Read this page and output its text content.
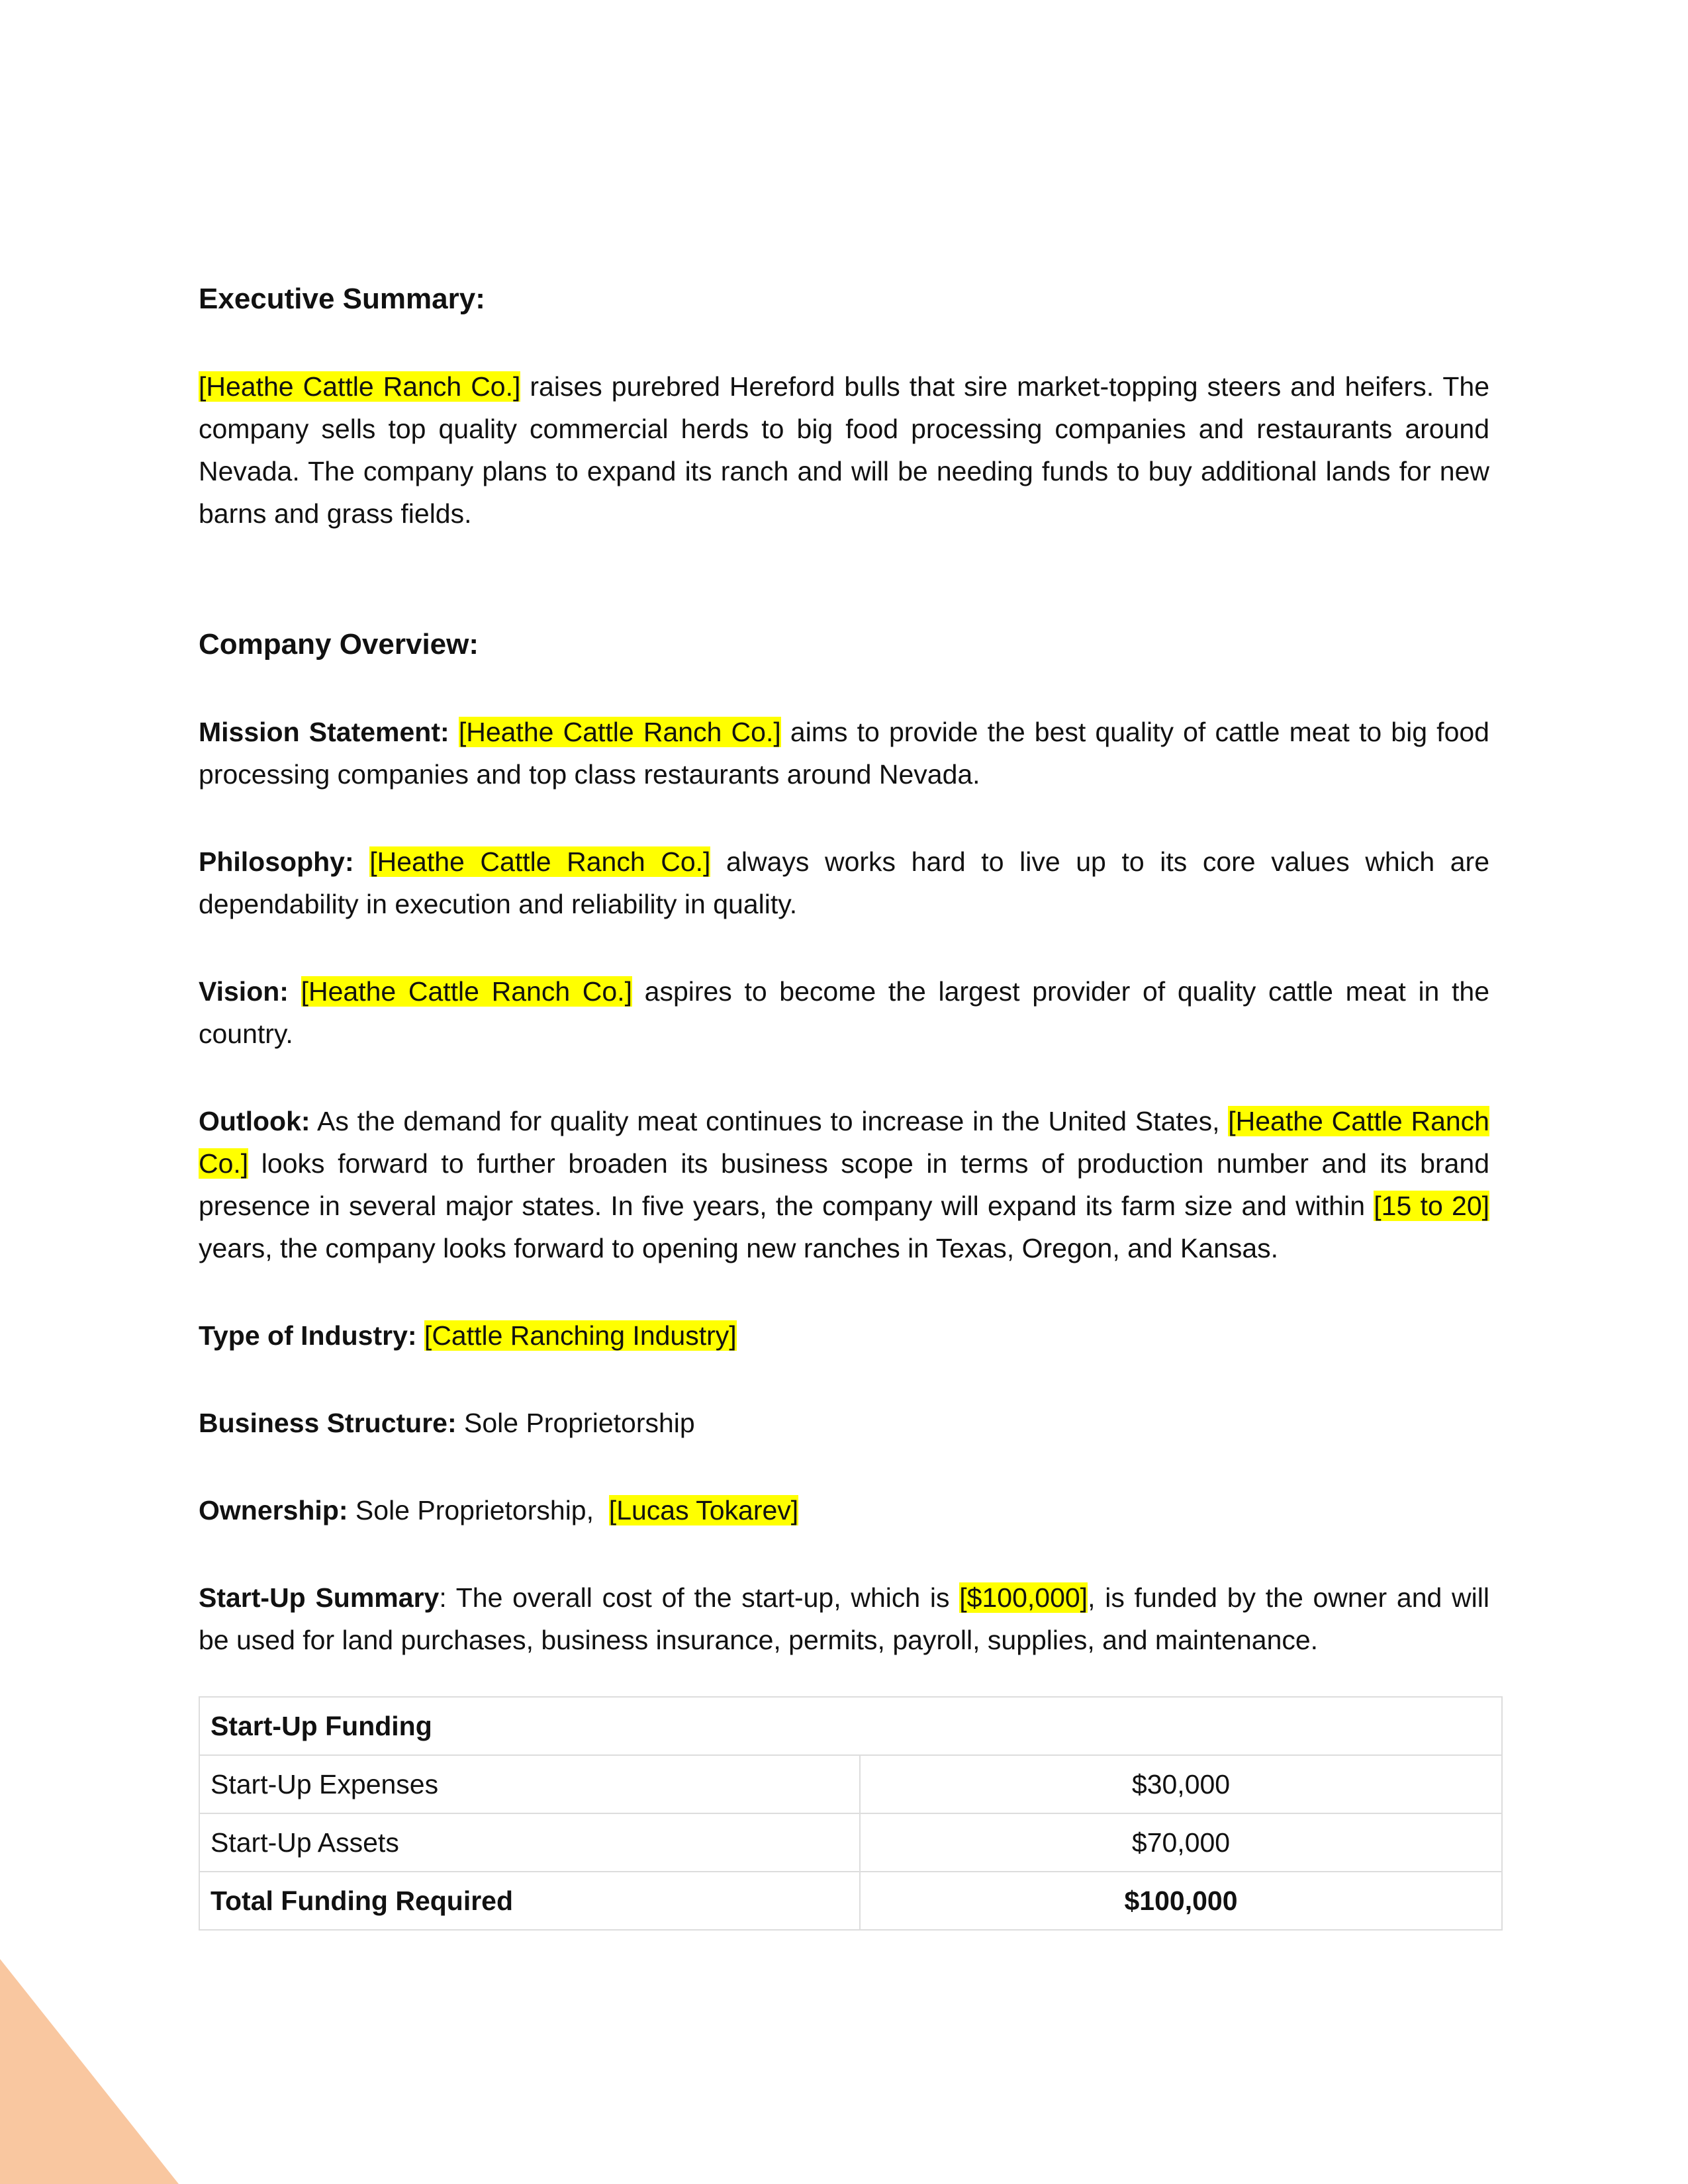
Executive Summary:

[Heathe Cattle Ranch Co.] raises purebred Hereford bulls that sire market-topping steers and heifers. The company sells top quality commercial herds to big food processing companies and restaurants around Nevada. The company plans to expand its ranch and will be needing funds to buy additional lands for new barns and grass fields.

Company Overview:

Mission Statement: [Heathe Cattle Ranch Co.] aims to provide the best quality of cattle meat to big food processing companies and top class restaurants around Nevada.

Philosophy: [Heathe Cattle Ranch Co.] always works hard to live up to its core values which are dependability in execution and reliability in quality.

Vision: [Heathe Cattle Ranch Co.] aspires to become the largest provider of quality cattle meat in the country.

Outlook: As the demand for quality meat continues to increase in the United States, [Heathe Cattle Ranch Co.] looks forward to further broaden its business scope in terms of production number and its brand presence in several major states. In five years, the company will expand its farm size and within [15 to 20] years, the company looks forward to opening new ranches in Texas, Oregon, and Kansas.

Type of Industry: [Cattle Ranching Industry]

Business Structure: Sole Proprietorship

Ownership: Sole Proprietorship,  [Lucas Tokarev]

Start-Up Summary: The overall cost of the start-up, which is [$100,000], is funded by the owner and will be used for land purchases, business insurance, permits, payroll, supplies, and maintenance.

Start-Up Funding	
Start-Up Expenses	$30,000
Start-Up Assets	$70,000
Total Funding Required	$100,000
